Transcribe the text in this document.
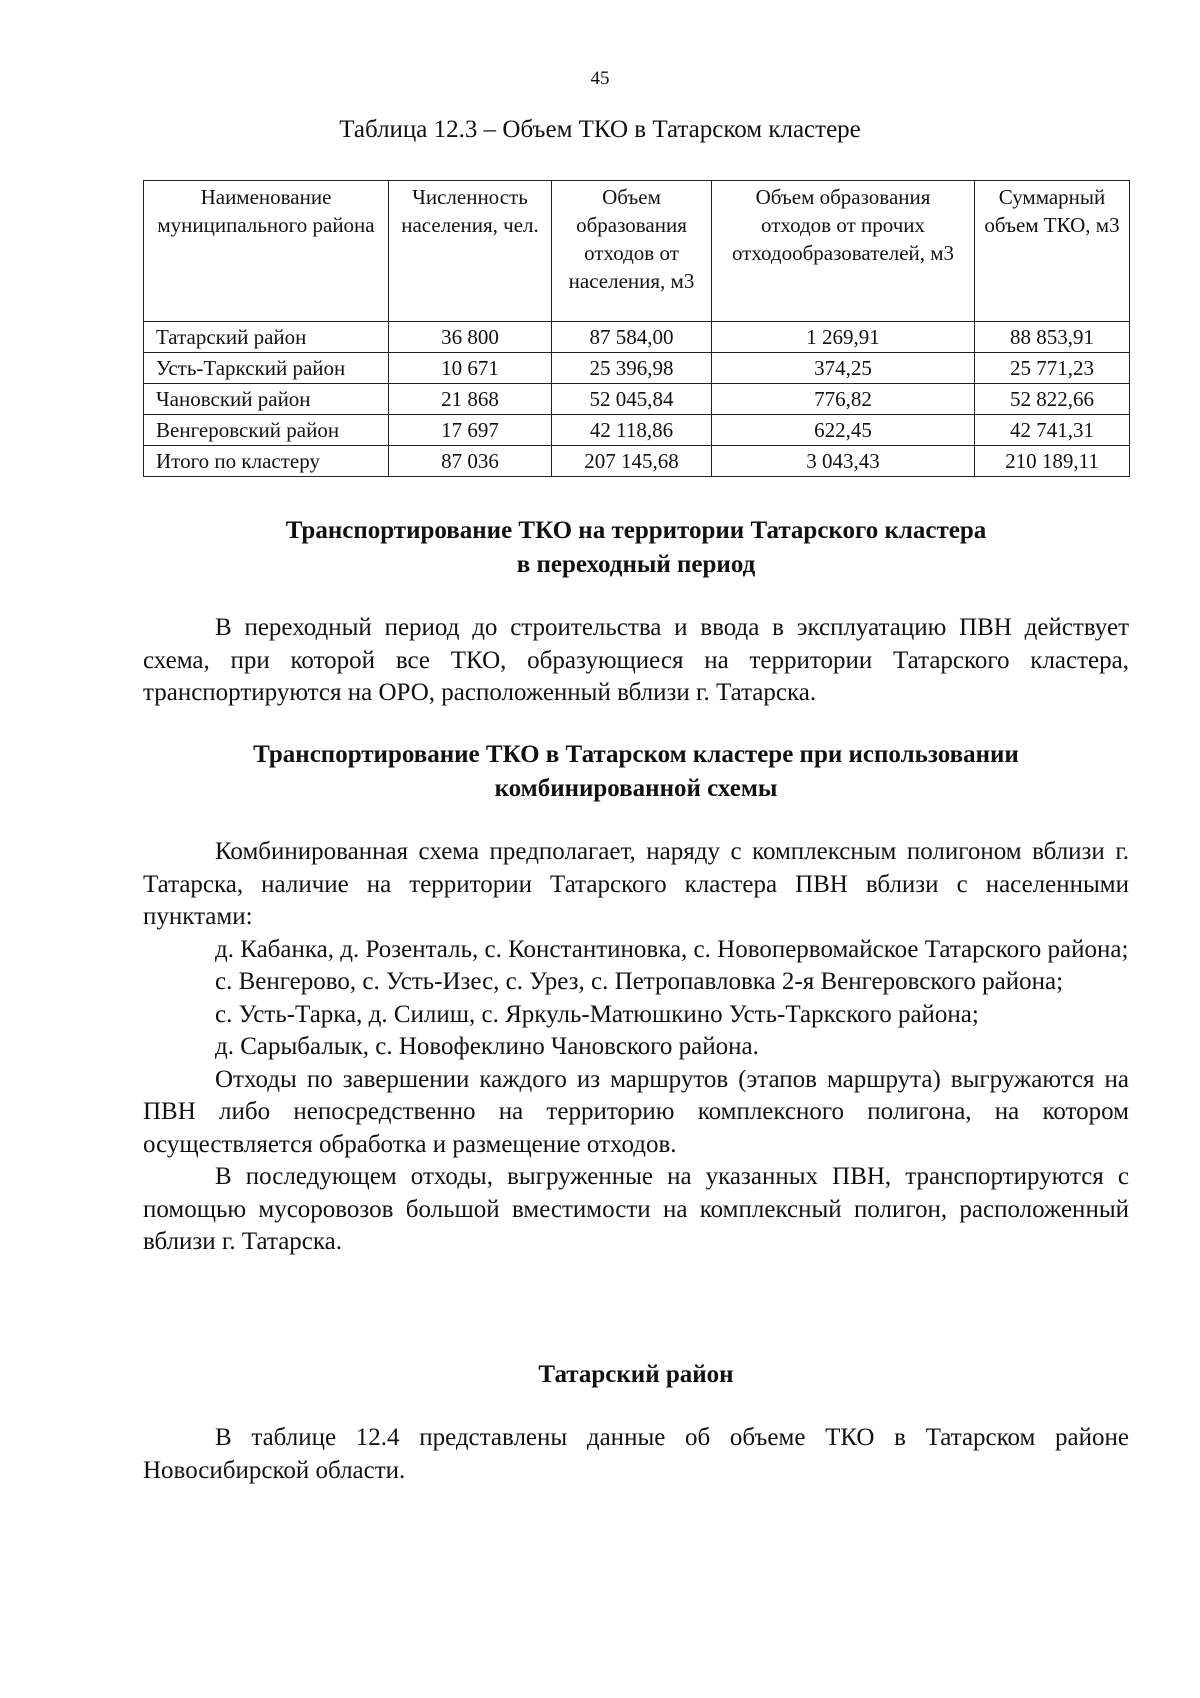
45
Таблица 12.3 – Объем ТКО в Татарском кластере
Наименование муниципального района	Численность населения, чел.	Объем образования отходов от населения, м3	Объем образования отходов от прочих отходообразователей, м3	Суммарный объем ТКО, м3
Татарский район	36 800	87 584,00	1 269,91	88 853,91
Усть-Таркский район	10 671	25 396,98	374,25	25 771,23
Чановский район	21 868	52 045,84	776,82	52 822,66
Венгеровский район	17 697	42 118,86	622,45	42 741,31
Итого по кластеру	87 036	207 145,68	3 043,43	210 189,11
Транспортирование ТКО на территории Татарского кластера
в переходный период

В переходный период до строительства и ввода в эксплуатацию ПВН действует схема, при которой все ТКО, образующиеся на территории Татарского кластера, транспортируются на ОРО, расположенный вблизи г. Татарска.

Транспортирование ТКО в Татарском кластере при использовании
комбинированной схемы

Комбинированная схема предполагает, наряду с комплексным полигоном вблизи г. Татарска, наличие на территории Татарского кластера ПВН вблизи с населенными пунктами:

д. Кабанка, д. Розенталь, с. Константиновка, с. Новопервомайское Татарского района;

с. Венгерово, с. Усть-Изес, с. Урез, с. Петропавловка 2-я Венгеровского района;

с. Усть-Тарка, д. Силиш, с. Яркуль-Матюшкино Усть-Таркского района;

д. Сарыбалык, с. Новофеклино Чановского района.

Отходы по завершении каждого из маршрутов (этапов маршрута) выгружаются на ПВН либо непосредственно на территорию комплексного полигона, на котором осуществляется обработка и размещение отходов.

В последующем отходы, выгруженные на указанных ПВН, транспортируются с помощью мусоровозов большой вместимости на комплексный полигон, расположенный вблизи г. Татарска.

Татарский район

В таблице 12.4 представлены данные об объеме ТКО в Татарском районе Новосибирской области.
